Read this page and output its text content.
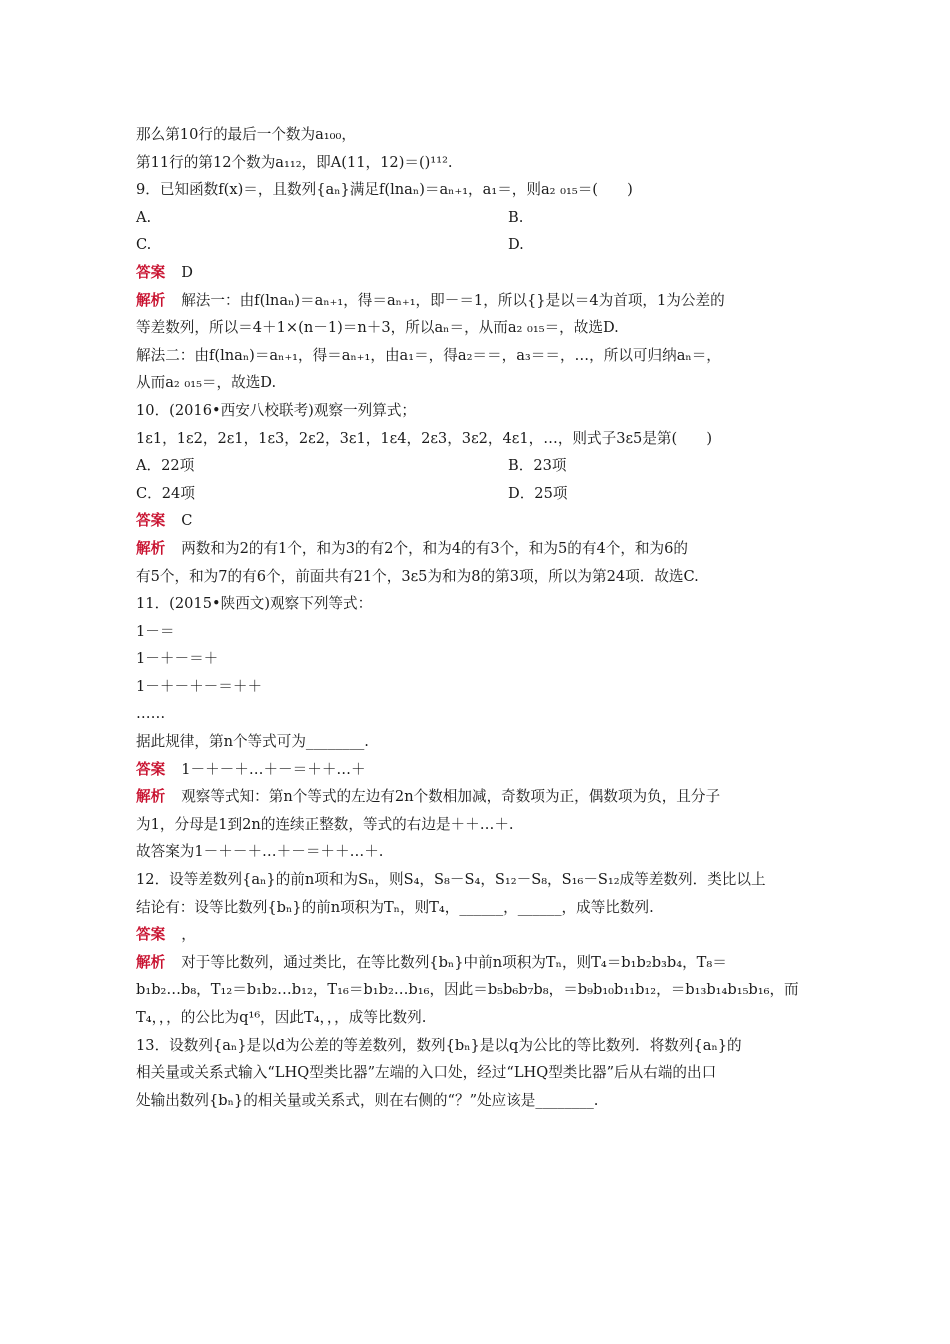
那么第10行的最后一个数为a₁₀₀，
第11行的第12个数为a₁₁₂，即A(11，12)＝()¹¹².
9．已知函数f(x)＝，且数列{aₙ}满足f(lnaₙ)＝aₙ₊₁，a₁＝，则a₂ ₀₁₅＝(　　)
A.	B.
C.	D.
答案 D
解析 解法一：由f(lnaₙ)＝aₙ₊₁，得＝aₙ₊₁，即－＝1，所以{}是以＝4为首项，1为公差的
等差数列，所以＝4＋1×(n－1)＝n＋3，所以aₙ＝，从而a₂ ₀₁₅＝，故选D.
解法二：由f(lnaₙ)＝aₙ₊₁，得＝aₙ₊₁，由a₁＝，得a₂＝＝，a₃＝＝，…，所以可归纳aₙ＝，
从而a₂ ₀₁₅＝，故选D.
10．(2016•西安八校联考)观察一列算式；
1ε1，1ε2，2ε1，1ε3，2ε2，3ε1，1ε4，2ε3，3ε2，4ε1，…，则式子3ε5是第(　　)
A．22项	B．23项
C．24项	D．25项
答案 C
解析 两数和为2的有1个，和为3的有2个，和为4的有3个，和为5的有4个，和为6的
有5个，和为7的有6个，前面共有21个，3ε5为和为8的第3项，所以为第24项．故选C.
11．(2015•陕西文)观察下列等式：
1－＝
1－＋－＝＋
1－＋－＋－＝＋＋
……
据此规律，第n个等式可为________.
答案 1－＋－＋…＋－＝＋＋…＋
解析 观察等式知：第n个等式的左边有2n个数相加减，奇数项为正，偶数项为负，且分子
为1，分母是1到2n的连续正整数，等式的右边是＋＋…＋.
故答案为1－＋－＋…＋－＝＋＋…＋.
12．设等差数列{aₙ}的前n项和为Sₙ，则S₄，S₈－S₄，S₁₂－S₈，S₁₆－S₁₂成等差数列．类比以上
结论有：设等比数列{bₙ}的前n项积为Tₙ，则T₄，______，______，成等比数列.
答案 ，
解析 对于等比数列，通过类比，在等比数列{bₙ}中前n项积为Tₙ，则T₄＝b₁b₂b₃b₄，T₈＝
b₁b₂…b₈，T₁₂＝b₁b₂…b₁₂，T₁₆＝b₁b₂…b₁₆，因此＝b₅b₆b₇b₈，＝b₉b₁₀b₁₁b₁₂，＝b₁₃b₁₄b₁₅b₁₆，而
T₄，，，的公比为q¹⁶，因此T₄，，，成等比数列.
13．设数列{aₙ}是以d为公差的等差数列，数列{bₙ}是以q为公比的等比数列．将数列{aₙ}的
相关量或关系式输入“LHQ型类比器”左端的入口处，经过“LHQ型类比器”后从右端的出口
处输出数列{bₙ}的相关量或关系式，则在右侧的“？”处应该是________.
